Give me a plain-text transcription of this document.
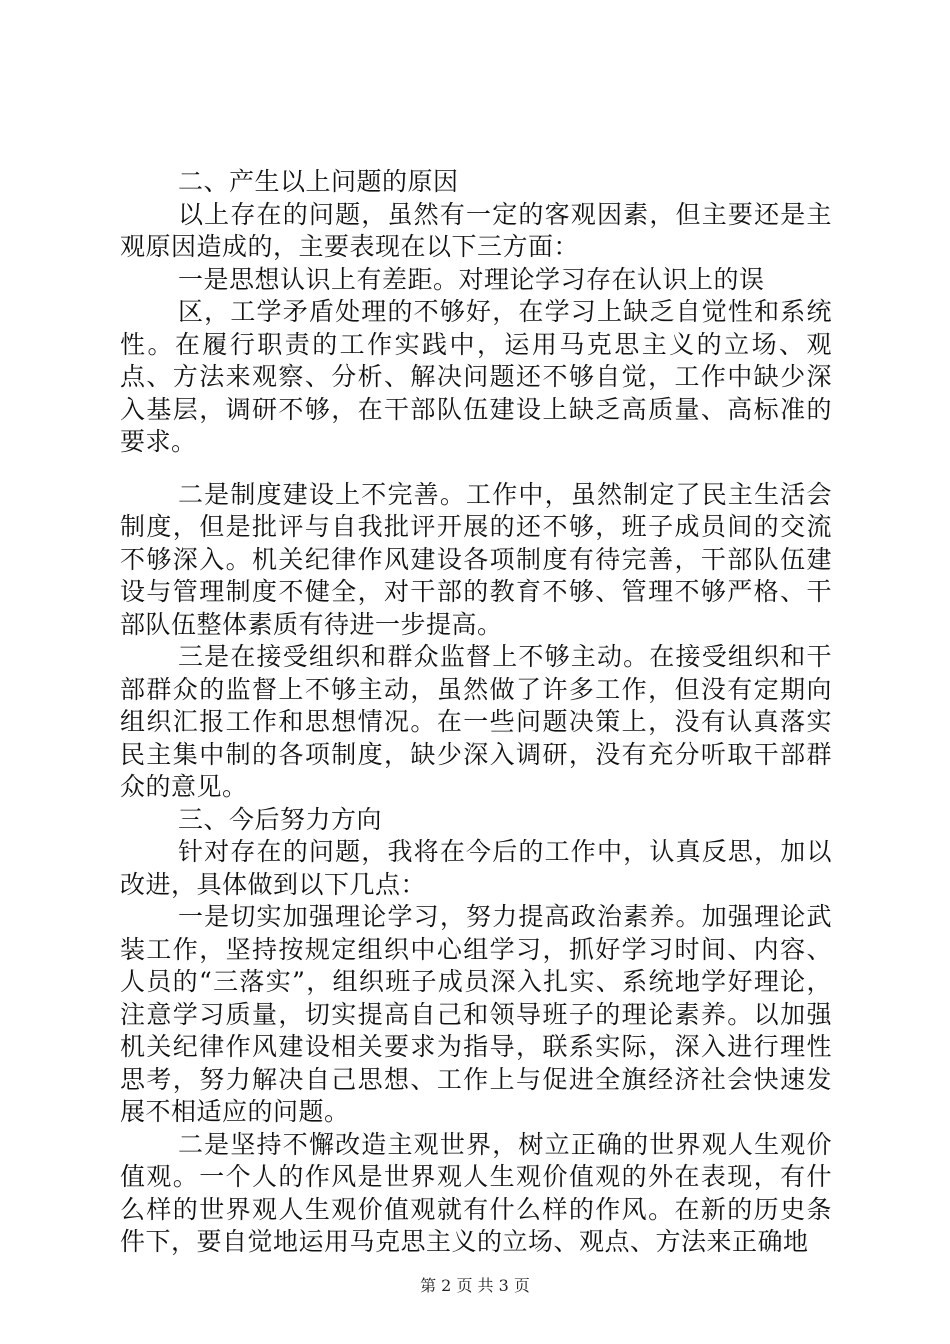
二、产生以上问题的原因

以上存在的问题，虽然有一定的客观因素，但主要还是主观原因造成的，主要表现在以下三方面：

一是思想认识上有差距。对理论学习存在认识上的误

区，工学矛盾处理的不够好，在学习上缺乏自觉性和系统性。在履行职责的工作实践中，运用马克思主义的立场、观点、方法来观察、分析、解决问题还不够自觉，工作中缺少深入基层，调研不够，在干部队伍建设上缺乏高质量、高标准的要求。

二是制度建设上不完善。工作中，虽然制定了民主生活会制度，但是批评与自我批评开展的还不够，班子成员间的交流不够深入。机关纪律作风建设各项制度有待完善，干部队伍建设与管理制度不健全，对干部的教育不够、管理不够严格、干部队伍整体素质有待进一步提高。

三是在接受组织和群众监督上不够主动。在接受组织和干部群众的监督上不够主动，虽然做了许多工作，但没有定期向组织汇报工作和思想情况。在一些问题决策上，没有认真落实民主集中制的各项制度，缺少深入调研，没有充分听取干部群众的意见。

三、今后努力方向

针对存在的问题，我将在今后的工作中，认真反思，加以改进，具体做到以下几点：

一是切实加强理论学习，努力提高政治素养。加强理论武装工作，坚持按规定组织中心组学习，抓好学习时间、内容、人员的“三落实”，组织班子成员深入扎实、系统地学好理论，注意学习质量，切实提高自己和领导班子的理论素养。以加强机关纪律作风建设相关要求为指导，联系实际，深入进行理性思考，努力解决自己思想、工作上与促进全旗经济社会快速发展不相适应的问题。

二是坚持不懈改造主观世界，树立正确的世界观人生观价值观。一个人的作风是世界观人生观价值观的外在表现，有什么样的世界观人生观价值观就有什么样的作风。在新的历史条件下，要自觉地运用马克思主义的立场、观点、方法来正确地

第 2 页 共 3 页
